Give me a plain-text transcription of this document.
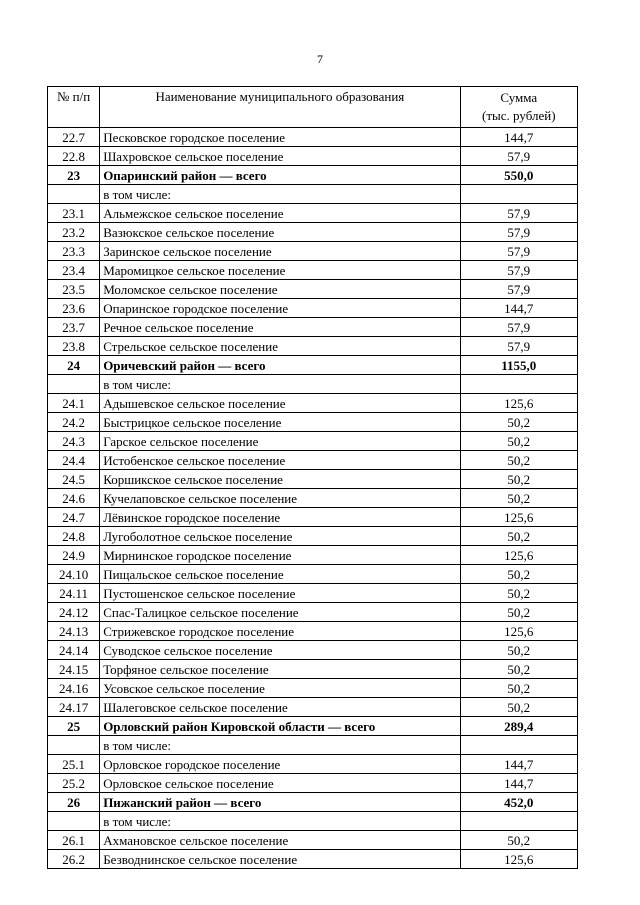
7
№ п/п	Наименование муниципального образования	Сумма
(тыс. рублей)
22.7	Песковское городское поселение	144,7
22.8	Шахровское сельское поселение	57,9
23	Опаринский район — всего	550,0
	в том числе:	
23.1	Альмежское сельское поселение	57,9
23.2	Вазюкское сельское поселение	57,9
23.3	Заринское сельское поселение	57,9
23.4	Маромицкое сельское поселение	57,9
23.5	Моломское сельское поселение	57,9
23.6	Опаринское городское поселение	144,7
23.7	Речное сельское поселение	57,9
23.8	Стрельское сельское поселение	57,9
24	Оричевский район — всего	1155,0
	в том числе:	
24.1	Адышевское сельское поселение	125,6
24.2	Быстрицкое сельское поселение	50,2
24.3	Гарское сельское поселение	50,2
24.4	Истобенское сельское поселение	50,2
24.5	Коршикское сельское поселение	50,2
24.6	Кучелаповское сельское поселение	50,2
24.7	Лёвинское городское поселение	125,6
24.8	Лугоболотное сельское поселение	50,2
24.9	Мирнинское городское поселение	125,6
24.10	Пищальское сельское поселение	50,2
24.11	Пустошенское сельское поселение	50,2
24.12	Спас-Талицкое сельское поселение	50,2
24.13	Стрижевское городское поселение	125,6
24.14	Суводское сельское поселение	50,2
24.15	Торфяное сельское поселение	50,2
24.16	Усовское сельское поселение	50,2
24.17	Шалеговское сельское поселение	50,2
25	Орловский район Кировской области — всего	289,4
	в том числе:	
25.1	Орловское городское поселение	144,7
25.2	Орловское сельское поселение	144,7
26	Пижанский район — всего	452,0
	в том числе:	
26.1	Ахмановское сельское поселение	50,2
26.2	Безводнинское сельское поселение	125,6
